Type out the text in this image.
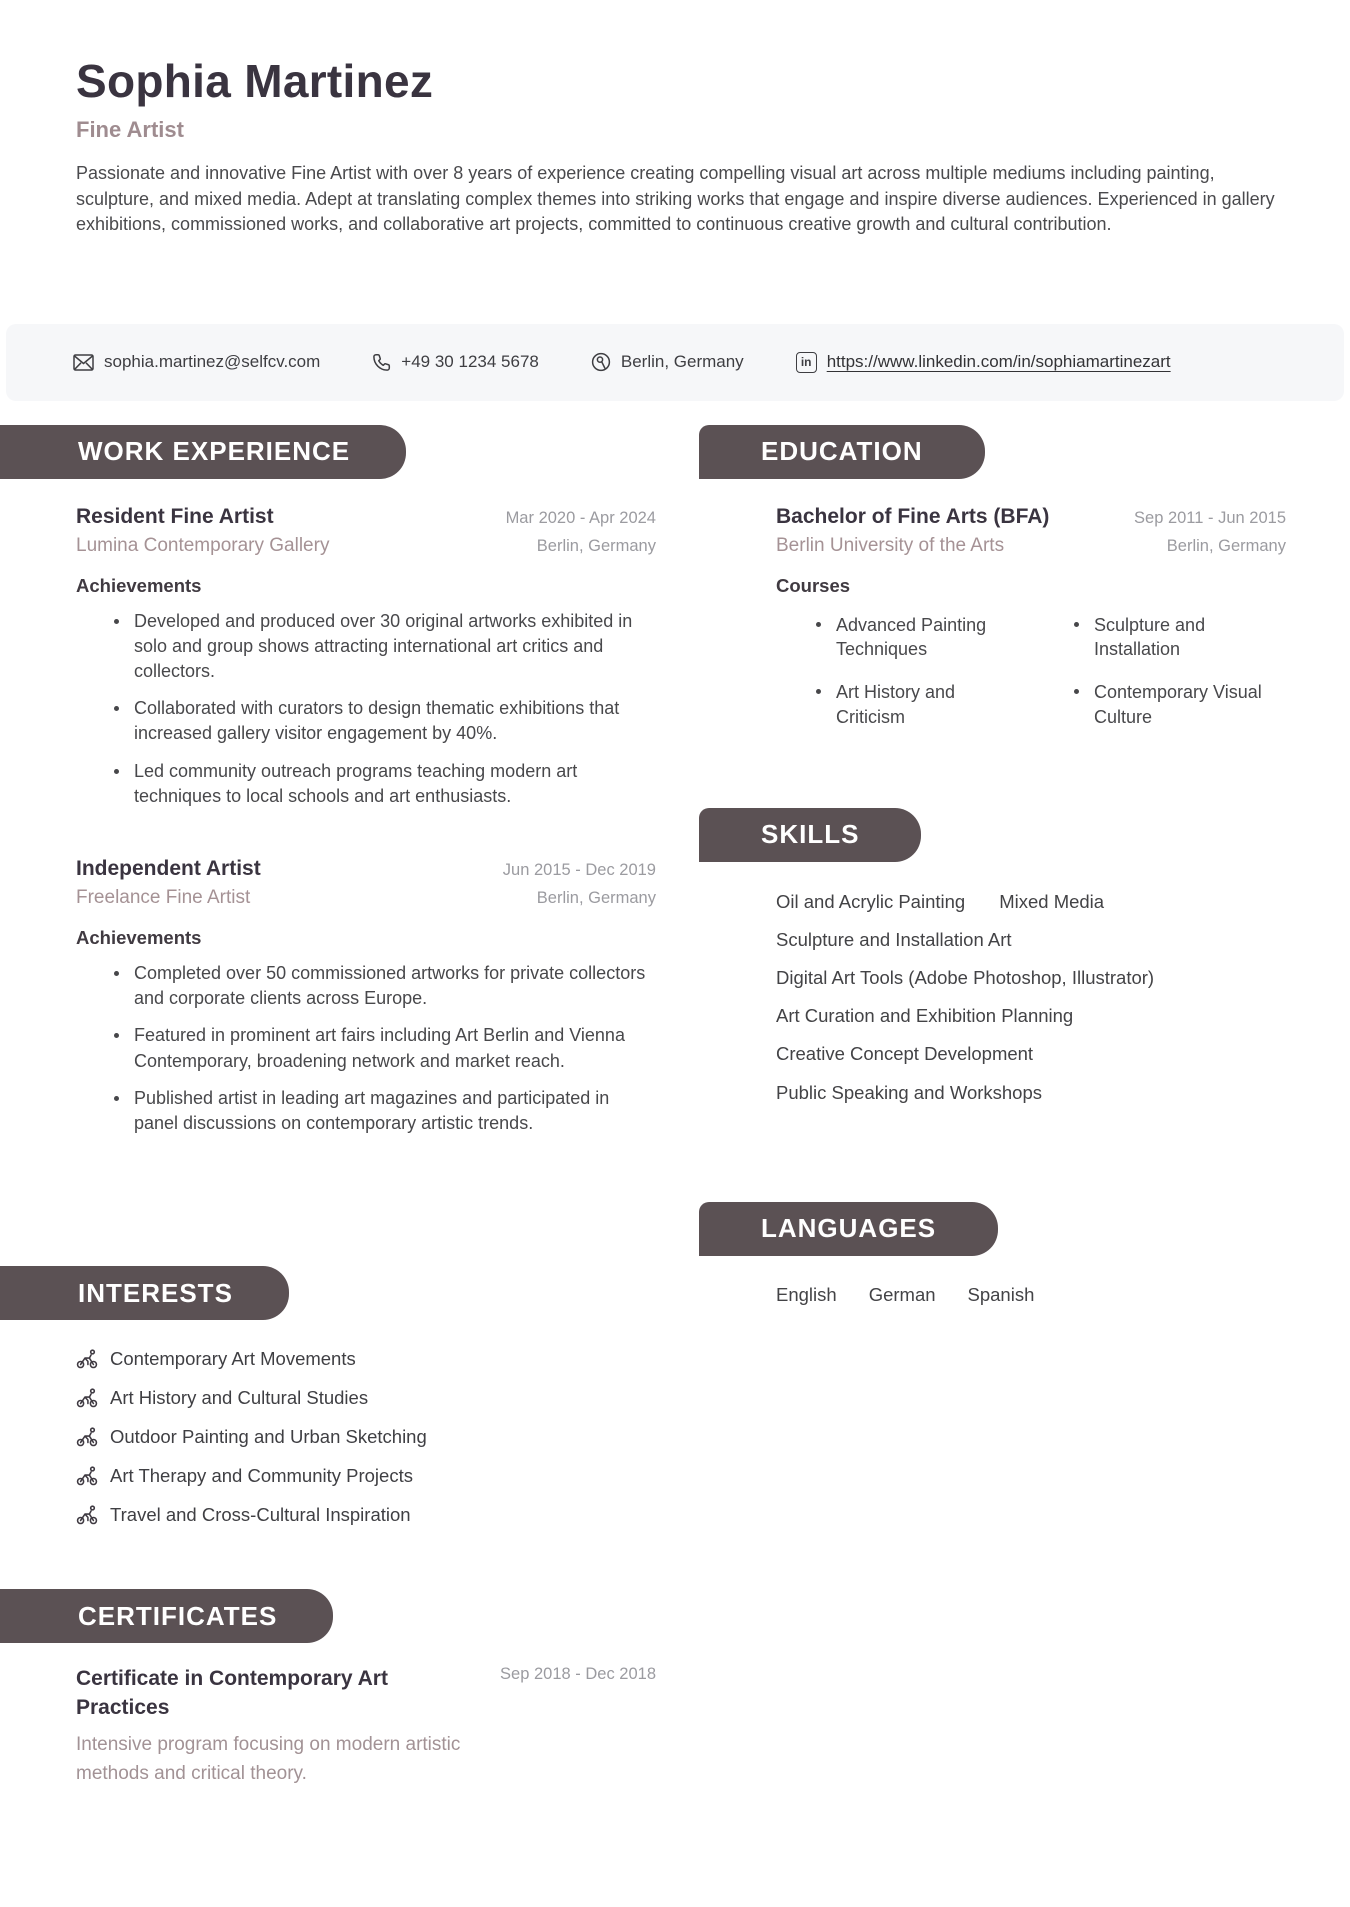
Sophia Martinez
Fine Artist
Passionate and innovative Fine Artist with over 8 years of experience creating compelling visual art across multiple mediums including painting, sculpture, and mixed media. Adept at translating complex themes into striking works that engage and inspire diverse audiences. Experienced in gallery exhibitions, commissioned works, and collaborative art projects, committed to continuous creative growth and cultural contribution.
sophia.martinez@selfcv.com	+49 30 1234 5678	Berlin, Germany	in https://www.linkedin.com/in/sophiamartinezart
WORK EXPERIENCE
Resident Fine Artist	Mar 2020 - Apr 2024
Lumina Contemporary Gallery	Berlin, Germany
Achievements
Developed and produced over 30 original artworks exhibited in solo and group shows attracting international art critics and collectors.
Collaborated with curators to design thematic exhibitions that increased gallery visitor engagement by 40%.
Led community outreach programs teaching modern art techniques to local schools and art enthusiasts.
Independent Artist	Jun 2015 - Dec 2019
Freelance Fine Artist	Berlin, Germany
Achievements
Completed over 50 commissioned artworks for private collectors and corporate clients across Europe.
Featured in prominent art fairs including Art Berlin and Vienna Contemporary, broadening network and market reach.
Published artist in leading art magazines and participated in panel discussions on contemporary artistic trends.
INTERESTS
Contemporary Art Movements
Art History and Cultural Studies
Outdoor Painting and Urban Sketching
Art Therapy and Community Projects
Travel and Cross-Cultural Inspiration
CERTIFICATES
Certificate in Contemporary Art Practices
Sep 2018 - Dec 2018
Intensive program focusing on modern artistic methods and critical theory.
EDUCATION
Bachelor of Fine Arts (BFA)	Sep 2011 - Jun 2015
Berlin University of the Arts	Berlin, Germany
Courses
Advanced Painting Techniques
Sculpture and Installation
Art History and Criticism
Contemporary Visual Culture
SKILLS
Oil and Acrylic Painting Mixed Media
Sculpture and Installation Art
Digital Art Tools (Adobe Photoshop, Illustrator)
Art Curation and Exhibition Planning
Creative Concept Development
Public Speaking and Workshops
LANGUAGES
English German Spanish
